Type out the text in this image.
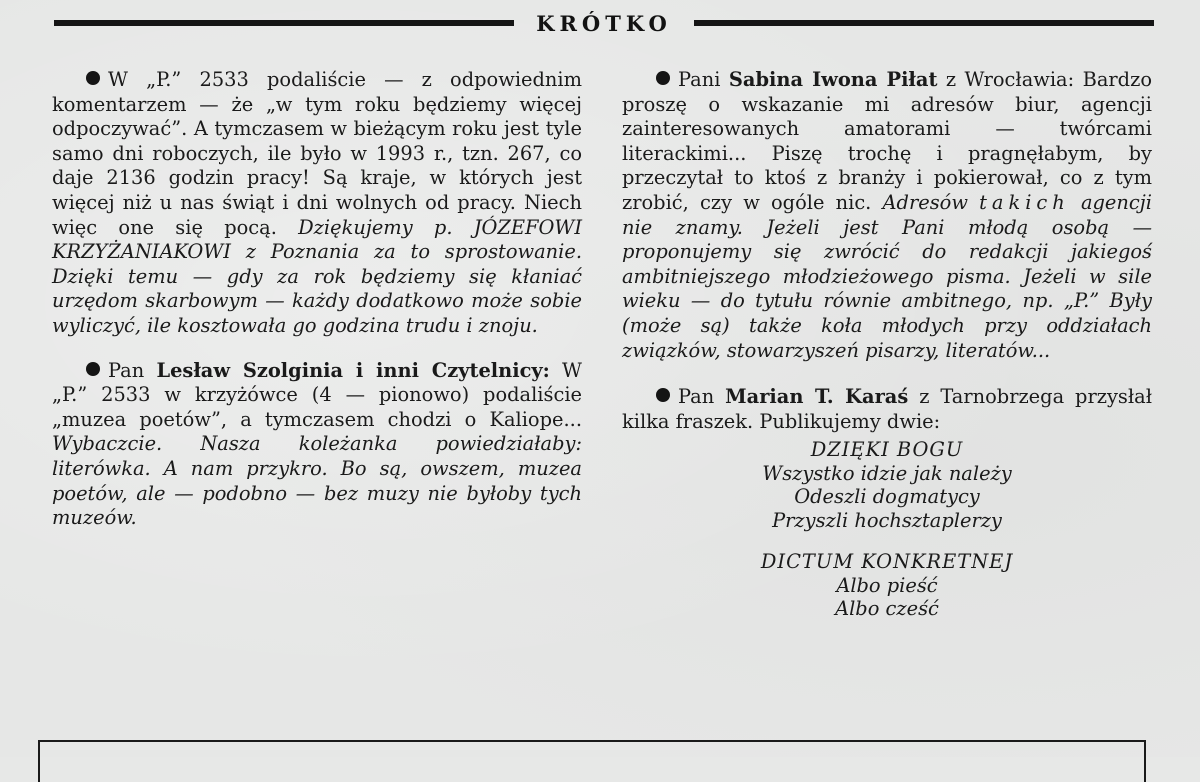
KRÓTKO

W „P.” 2533 podaliście — z odpowiednim komentarzem — że „w tym roku będziemy więcej odpoczywać”. A tymczasem w bieżącym roku jest tyle samo dni roboczych, ile było w 1993 r., tzn. 267, co daje 2136 godzin pracy! Są kraje, w których jest więcej niż u nas świąt i dni wolnych od pracy. Niech więc one się pocą. Dziękujemy p. JÓZEFOWI KRZYŻANIAKOWI z Poznania za to sprostowanie. Dzięki temu — gdy za rok będziemy się kłaniać urzędom skarbowym — każdy dodatkowo może sobie wyliczyć, ile kosztowała go godzina trudu i znoju.

Pan Lesław Szolginia i inni Czytelnicy: W „P.” 2533 w krzyżówce (4 — pionowo) podaliście „muzea poetów”, a tymczasem chodzi o Kaliope... Wybaczcie. Nasza koleżanka powiedziałaby: literówka. A nam przykro. Bo są, owszem, muzea poetów, ale — podobno — bez muzy nie byłoby tych muzeów.

Pani Sabina Iwona Piłat z Wrocławia: Bardzo proszę o wskazanie mi adresów biur, agencji zainteresowanych amatorami — twórcami literackimi... Piszę trochę i pragnęłabym, by przeczytał to ktoś z branży i pokierował, co z tym zrobić, czy w ogóle nic. Adresów takich agencji nie znamy. Jeżeli jest Pani młodą osobą — proponujemy się zwrócić do redakcji jakiegoś ambitniejszego młodzieżowego pisma. Jeżeli w sile wieku — do tytułu równie ambitnego, np. „P.” Były (może są) także koła młodych przy oddziałach związków, stowarzyszeń pisarzy, literatów...

Pan Marian T. Karaś z Tarnobrzega przysłał kilka fraszek. Publikujemy dwie:

DZIĘKI BOGU
Wszystko idzie jak należy
Odeszli dogmatycy
Przyszli hochsztaplerzy
DICTUM KONKRETNEJ
Albo pieść
Albo cześć
